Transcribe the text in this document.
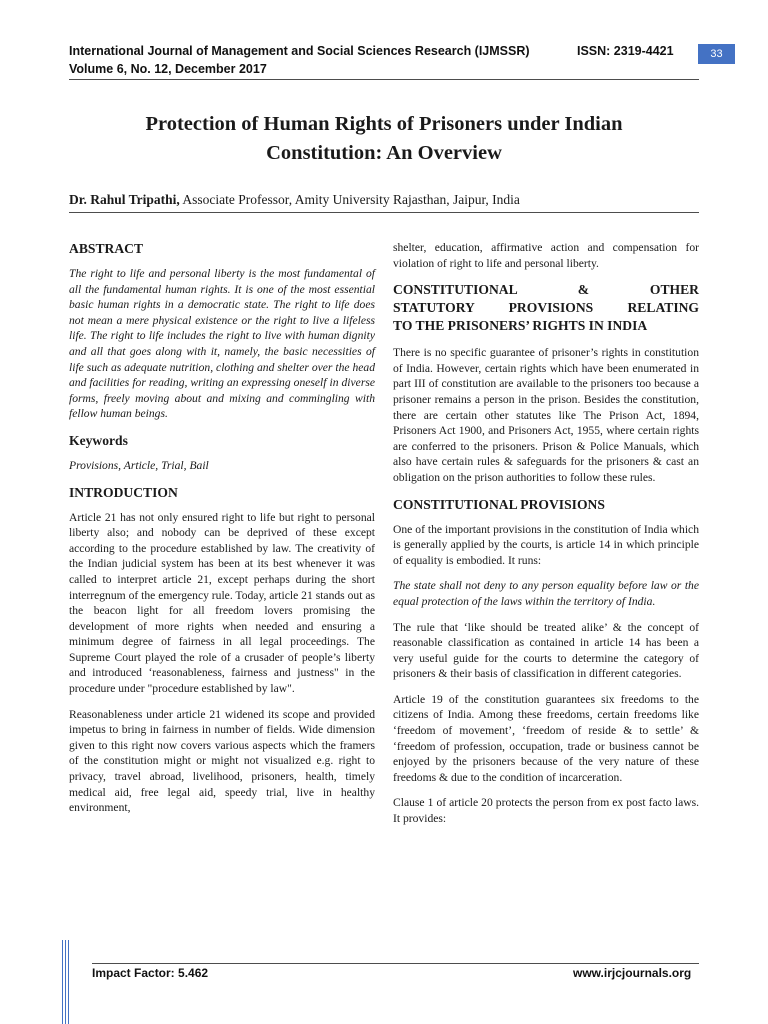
International Journal of Management and Social Sciences Research (IJMSSR)	ISSN: 2319-4421
Volume 6, No. 12, December 2017
33
Protection of Human Rights of Prisoners under Indian
Constitution: An Overview
Dr. Rahul Tripathi, Associate Professor, Amity University Rajasthan, Jaipur, India
ABSTRACT

The right to life and personal liberty is the most fundamental of all the fundamental human rights. It is one of the most essential basic human rights in a democratic state. The right to life does not mean a mere physical existence or the right to live a lifeless life. The right to life includes the right to live with human dignity and all that goes along with it, namely, the basic necessities of life such as adequate nutrition, clothing and shelter over the head and facilities for reading, writing an expressing oneself in diverse forms, freely moving about and mixing and commingling with fellow human beings.

Keywords

Provisions, Article, Trial, Bail

INTRODUCTION

Article 21 has not only ensured right to life but right to personal liberty also; and nobody can be deprived of these except according to the procedure established by law. The creativity of the Indian judicial system has been at its best whenever it was called to interpret article 21, except perhaps during the short interregnum of the emergency rule. Today, article 21 stands out as the beacon light for all freedom lovers promising the development of more rights when needed and ensuring a minimum degree of fairness in all legal proceedings. The Supreme Court played the role of a crusader of people’s liberty and introduced ‘reasonableness, fairness and justness" in the procedure under "procedure established by law".

Reasonableness under article 21 widened its scope and provided impetus to bring in fairness in number of fields. Wide dimension given to this right now covers various aspects which the framers of the constitution might or might not visualized e.g. right to privacy, travel abroad, livelihood, prisoners, health, timely medical aid, free legal aid, speedy trial, live in healthy environment,

shelter, education, affirmative action and compensation for violation of right to life and personal liberty.

CONSTITUTIONAL & OTHER
STATUTORY PROVISIONS RELATING
TO THE PRISONERS’ RIGHTS IN INDIA

There is no specific guarantee of prisoner’s rights in constitution of India. However, certain rights which have been enumerated in part III of constitution are available to the prisoners too because a prisoner remains a person in the prison. Besides the constitution, there are certain other statutes like The Prison Act, 1894, Prisoners Act 1900, and Prisoners Act, 1955, where certain rights are conferred to the prisoners. Prison & Police Manuals, which also have certain rules & safeguards for the prisoners & cast an obligation on the prison authorities to follow these rules.

CONSTITUTIONAL PROVISIONS

One of the important provisions in the constitution of India which is generally applied by the courts, is article 14 in which principle of equality is embodied. It runs:

The state shall not deny to any person equality before law or the equal protection of the laws within the territory of India.

The rule that ‘like should be treated alike’ & the concept of reasonable classification as contained in article 14 has been a very useful guide for the courts to determine the category of prisoners & their basis of classification in different categories.

Article 19 of the constitution guarantees six freedoms to the citizens of India. Among these freedoms, certain freedoms like ‘freedom of movement’, ‘freedom of reside & to settle’ & ‘freedom of profession, occupation, trade or business cannot be enjoyed by the prisoners because of the very nature of these freedoms & due to the condition of incarceration.

Clause 1 of article 20 protects the person from ex post facto laws. It provides:

Impact Factor: 5.462	www.irjcjournals.org
